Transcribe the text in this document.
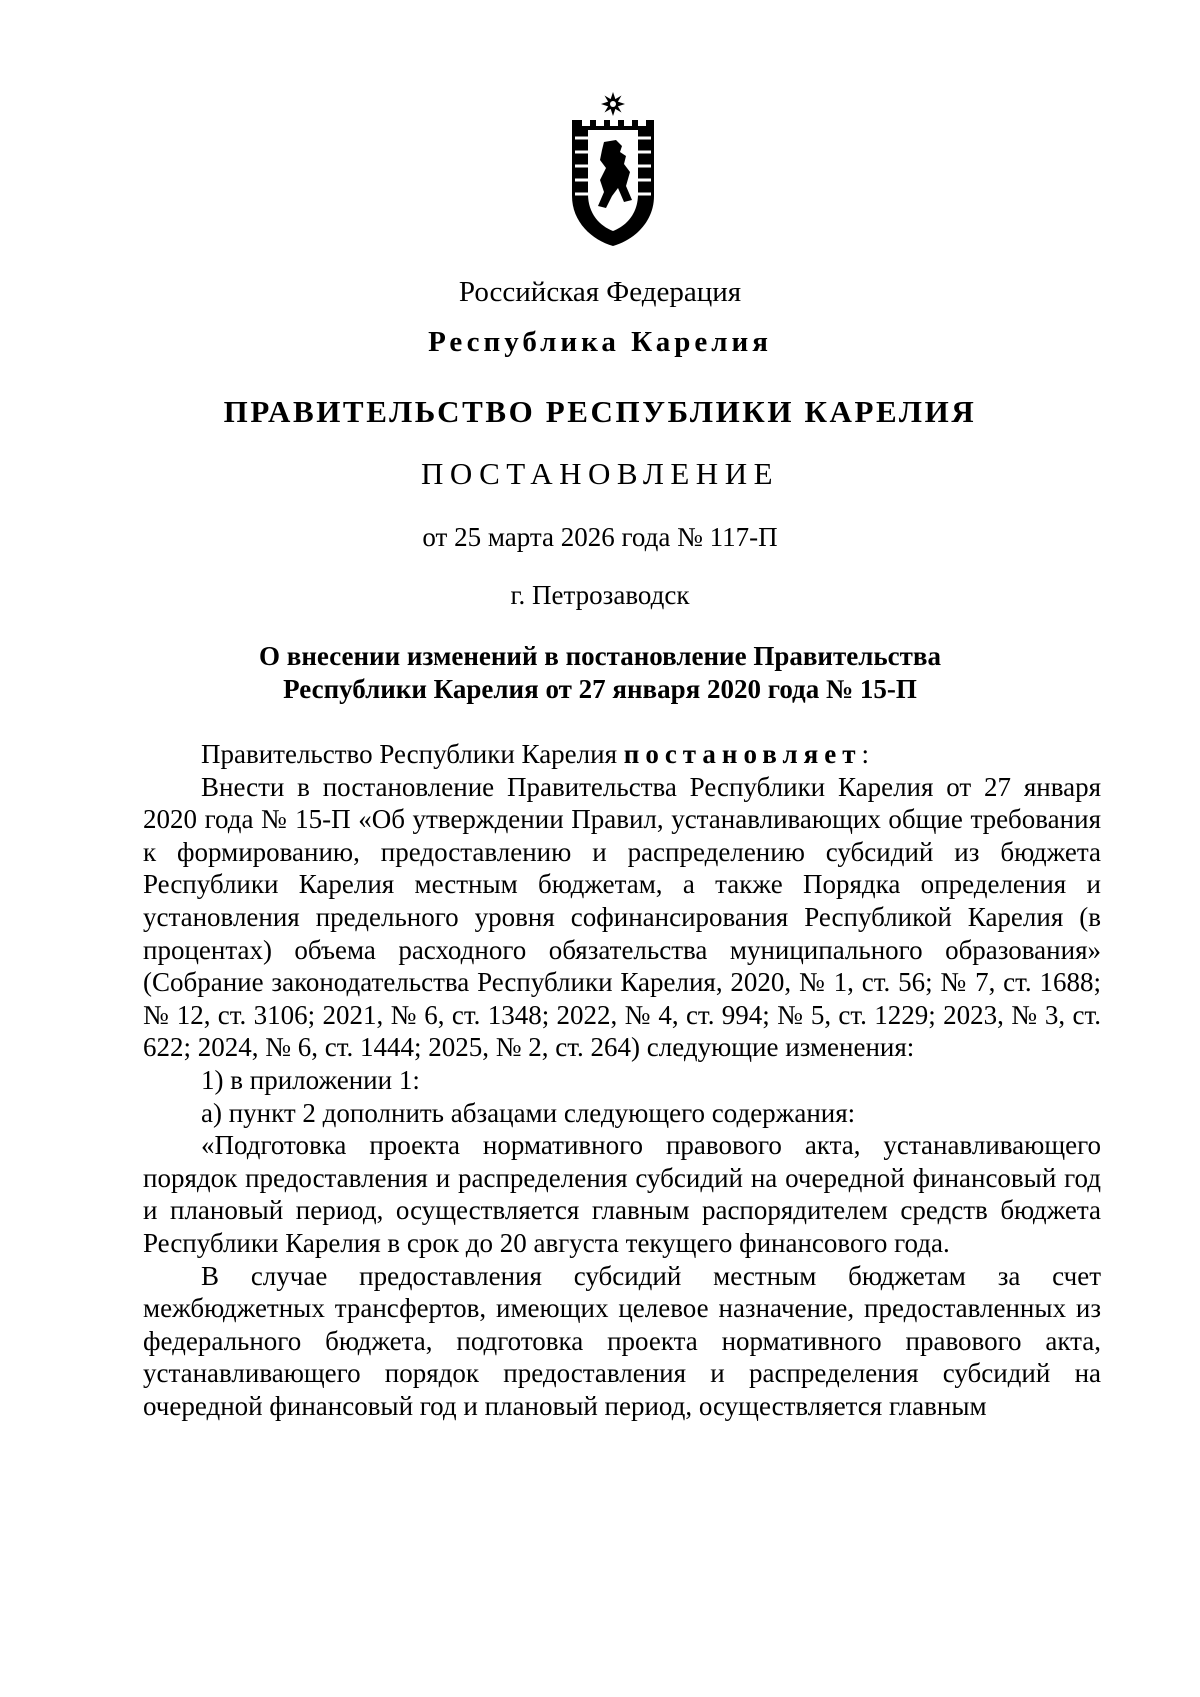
Российская Федерация
Республика Карелия
ПРАВИТЕЛЬСТВО РЕСПУБЛИКИ КАРЕЛИЯ
ПОСТАНОВЛЕНИЕ
от 25 марта 2026 года № 117-П
г. Петрозаводск
О внесении изменений в постановление Правительства
Республики Карелия от 27 января 2020 года № 15-П

Правительство Республики Карелия постановляет:

Внести в постановление Правительства Республики Карелия от 27 января 2020 года № 15-П «Об утверждении Правил, устанавливающих общие требования к формированию, предоставлению и распределению субсидий из бюджета Республики Карелия местным бюджетам, а также Порядка определения и установления предельного уровня софинансирования Республикой Карелия (в процентах) объема расходного обязательства муниципального образования» (Собрание законодательства Республики Карелия, 2020, № 1, ст. 56; № 7, ст. 1688; № 12, ст. 3106; 2021, № 6, ст. 1348; 2022, № 4, ст. 994; № 5, ст. 1229; 2023, № 3, ст. 622; 2024, № 6, ст. 1444; 2025, № 2, ст. 264) следующие изменения:

1) в приложении 1:

а) пункт 2 дополнить абзацами следующего содержания:

«Подготовка проекта нормативного правового акта, устанавливающего порядок предоставления и распределения субсидий на очередной финансовый год и плановый период, осуществляется главным распорядителем средств бюджета Республики Карелия в срок до 20 августа текущего финансового года.

В случае предоставления субсидий местным бюджетам за счет межбюджетных трансфертов, имеющих целевое назначение, предоставленных из федерального бюджета, подготовка проекта нормативного правового акта, устанавливающего порядок предоставления и распределения субсидий на очередной финансовый год и плановый период, осуществляется главным
